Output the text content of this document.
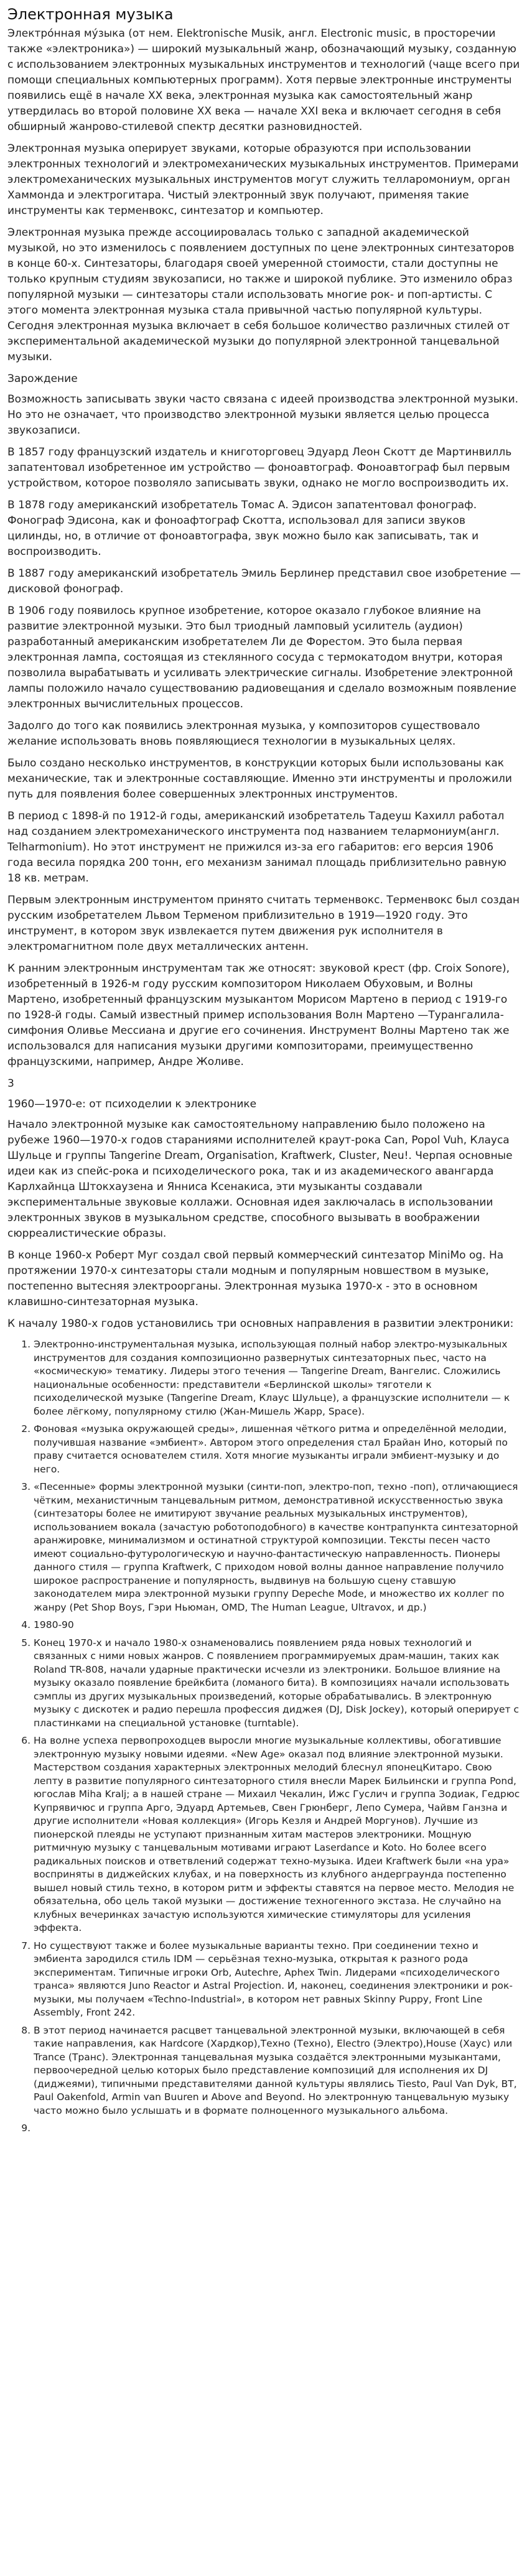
Электронная музыка

Электро́нная му́зыка (от нем. Elektronische Musik, англ. Electronic music, в просторечии также «электроника») — широкий музыкальный жанр, обозначающий музыку, созданную с использованием электронных музыкальных инструментов и технологий (чаще всего при помощи специальных компьютерных программ). Хотя первые электронные инструменты появились ещё в начале XX века, электронная музыка как самостоятельный жанр утвердилась во второй половине XX века — начале XXI века и включает сегодня в себя обширный жанрово-стилевой спектр десятки разновидностей.

Электронная музыка оперирует звуками, которые образуются при использовании электронных технологий и электромеханических музыкальных инструментов. Примерами электромеханических музыкальных инструментов могут служить телларомониум, орган Хаммонда и электрогитара. Чистый электронный звук получают, применяя такие инструменты как терменвокс, синтезатор и компьютер.

Электронная музыка прежде ассоциировалась только с западной академической музыкой, но это изменилось с появлением доступных по цене электронных синтезаторов в конце 60-х. Синтезаторы, благодаря своей умеренной стоимости, стали доступны не только крупным студиям звукозаписи, но также и широкой публике. Это изменило образ популярной музыки — синтезаторы стали использовать многие рок- и поп-артисты. С этого момента электронная музыка стала привычной частью популярной культуры. Сегодня электронная музыка включает в себя большое количество различных стилей от экспериментальной академической музыки до популярной электронной танцевальной музыки.

Зарождение

Возможность записывать звуки часто связана с идеей производства электронной музыки. Но это не означает, что производство электронной музыки является целью процесса звукозаписи.

В 1857 году французский издатель и книготорговец Эдуард Леон Скотт де Мартинвилль запатентовал изобретенное им устройство — фоноавтограф. Фоноавтограф был первым устройством, которое позволяло записывать звуки, однако не могло воспроизводить их.

В 1878 году американский изобретатель Томас А. Эдисон запатентовал фонограф. Фонограф Эдисона, как и фоноафтограф Скотта, использовал для записи звуков цилинды, но, в отличие от фоноавтографа, звук можно было как записывать, так и воспроизводить.

В 1887 году американский изобретатель Эмиль Берлинер представил свое изобретение — дисковой фонограф.

В 1906 году появилось крупное изобретение, которое оказало глубокое влияние на развитие электронной музыки. Это был триодный ламповый усилитель (аудион) разработанный американским изобретателем Ли де Форестом. Это была первая электронная лампа, состоящая из стеклянного сосуда с термокатодом внутри, которая позволила вырабатывать и усиливать электрические сигналы. Изобретение электронной лампы положило начало существованию радиовещания и сделало возможным появление электронных вычислительных процессов.

Задолго до того как появились электронная музыка, у композиторов существовало желание использовать вновь появляющиеся технологии в музыкальных целях.

Было создано несколько инструментов, в конструкции которых были использованы как механические, так и электронные составляющие. Именно эти инструменты и проложили путь для появления более совершенных электронных инструментов.

В период с 1898-й по 1912-й годы, американский изобретатель Тадеуш Кахилл работал над созданием электромеханического инструмента под названием телармониум(англ. Telharmonium). Но этот инструмент не прижился из-за его габаритов: его версия 1906 года весила порядка 200 тонн, его механизм занимал площадь приблизительно равную 18 кв. метрам.

Первым электронным инструментом принято считать терменвокс. Терменвокс был создан русским изобретателем Львом Терменом приблизительно в 1919—1920 году. Это инструмент, в котором звук извлекается путем движения рук исполнителя в электромагнитном поле двух металлических антенн.

К ранним электронным инструментам так же относят: звуковой крест (фр. Croix Sonore), изобретенный в 1926-м году русским композитором Николаем Обуховым, и Волны Мартено, изобретенный французским музыкантом Морисом Мартено в период с 1919-го по 1928-й годы. Самый известный пример использования Волн Мартено —Турангалила-симфония Оливье Мессиана и другие его сочинения. Инструмент Волны Мартено так же использовался для написания музыки другими композиторами, преимущественно французскими, например, Андре Жоливе.

3
1960—1970-е: от психоделии к электронике

Начало электронной музыке как самостоятельному направлению было положено на рубеже 1960—1970-х годов стараниями исполнителей краут-рока Can, Popol Vuh, Клауса Шульце и группы Tangerine Dream, Organisation, Kraftwerk, Cluster, Neu!. Черпая основные идеи как из спейс-рока и психоделического рока, так и из академического авангарда Карлхайнца Штокхаузена и Янниса Ксенакиса, эти музыканты создавали экспериментальные звуковые коллажи. Основная идея заключалась в использовании электронных звуков в музыкальном средстве, способного вызывать в воображении сюрреалистические образы.

В конце 1960-х Роберт Муг создал свой первый коммерческий синтезатор MiniMo og. На протяжении 1970-х синтезаторы стали модным и популярным новшеством в музыке, постепенно вытесняя электроорганы. Электронная музыка 1970-х - это в основном клавишно-синтезаторная музыка.

К началу 1980-х годов установились три основных направления в развитии электроники:

1. Электронно-инструментальная музыка, использующая полный набор электро-музыкальных инструментов для создания композиционно развернутых синтезаторных пьес, часто на «космическую» тематику. Лидеры этого течения — Tangerine Dream, Вангелис. Сложились национальные особенности: представители «Берлинской школы» тяготели к психоделической музыке (Tangerine Dream, Клаус Шульце), а французские исполнители — к более лёгкому, популярному стилю (Жан-Мишель Жарр, Space).
2. Фоновая «музыка окружающей среды», лишенная чёткого ритма и определённой мелодии, получившая название «эмбиент». Автором этого определения стал Брайан Ино, который по праву считается основателем стиля. Хотя многие музыканты играли эмбиент-музыку и до него.
3. «Песенные» формы электронной музыки (синти-поп, электро-поп, техно -поп), отличающиеся чётким, механистичным танцевальным ритмом, демонстративной искусственностью звука (синтезаторы более не имитируют звучание реальных музыкальных инструментов), использованием вокала (зачастую роботоподобного) в качестве контрапункта синтезаторной аранжировке, минимализмом и остинатной структурой композиции. Тексты песен часто имеют социально-футурологическую и научно-фантастическую направленность. Пионеры данного стиля — группа Kraftwerk, С приходом новой волны данное направление получило широкое распространение и популярность, выдвинув на большую сцену ставшую законодателем мира электронной музыки группу Depeche Mode, и множество их коллег по жанру (Pet Shop Boys, Гэри Ньюман, OMD, The Human League, Ultravox, и др.)
4. 1980-90
5. Конец 1970-х и начало 1980-х ознаменовались появлением ряда новых технологий и связанных с ними новых жанров. С появлением программируемых драм-машин, таких как Roland TR-808, начали ударные практически исчезли из электроники. Большое влияние на музыку оказало появление брейкбита (ломаного бита). В композициях начали использовать сэмплы из других музыкальных произведений, которые обрабатывались. В электронную музыку с дискотек и радио перешла профессия диджея (DJ, Disk Jockey), который оперирует с пластинками на специальной установке (turntable).
6. На волне успеха первопроходцев выросли многие музыкальные коллективы, обогатившие электронную музыку новыми идеями. «New Age» оказал под влияние электронной музыки. Мастерством создания характерных электронных мелодий блеснул японецКитаро. Свою лепту в развитие популярного синтезаторного стиля внесли Марек Бильински и группа Pond, югослав Miha Kralj; а в нашей стране — Михаил Чекалин, Ижс Гуслич и группа Зодиак, Гедрюс Купрявичюс и группа Арго, Эдуард Артемьев, Свен Грюнберг, Лепо Сумера, Чайвм Ганзна и другие исполнители «Новая коллекция» (Игорь Кезля и Андрей Моргунов). Лучшие из пионерской плеяды не уступают признанным хитам мастеров электроники. Мощную ритмичную музыку с танцевальным мотивами играют Laserdance и Koto. Но более всего радикальных поисков и ответвлений содержат техно-музыка. Идеи Kraftwerk были «на ура» восприняты в диджейских клубах, и на поверхность из клубного андерграунда постепенно вышел новый стиль техно, в котором ритм и эффекты ставятся на первое место. Мелодия не обязательна, обо цель такой музыки — достижение техногенного экстаза. Не случайно на клубных вечеринках зачастую используются химические стимуляторы для усиления эффекта.
7. Но существуют также и более музыкальные варианты техно. При соединении техно и эмбиента зародился стиль IDM — серьёзная техно-музыка, открытая к разного рода экспериментам. Типичные игроки Orb, Autechre, Aphex Twin. Лидерами «психоделического транса» являются Juno Reactor и Astral Projection. И, наконец, соединения электроники и рок-музыки, мы получаем «Techno-Industrial», в котором нет равных Skinny Puppy, Front Line Assembly, Front 242.
8. В этот период начинается расцвет танцевальной электронной музыки, включающей в себя такие направления, как Hardcore (Хардкор),Техно (Техно), Electro (Электро),House (Хаус) или Trance (Транс). Электронная танцевальная музыка создаётся электронными музыкантами, первоочередной целью которых было представление композиций для исполнения их DJ (диджеями), типичными представителями данной культуры являлись Tiesto, Paul Van Dyk, BT, Paul Oakenfold, Armin van Buuren и Above and Beyond. Но электронную танцевальную музыку часто можно было услышать и в формате полноценного музыкального альбома.
9.
